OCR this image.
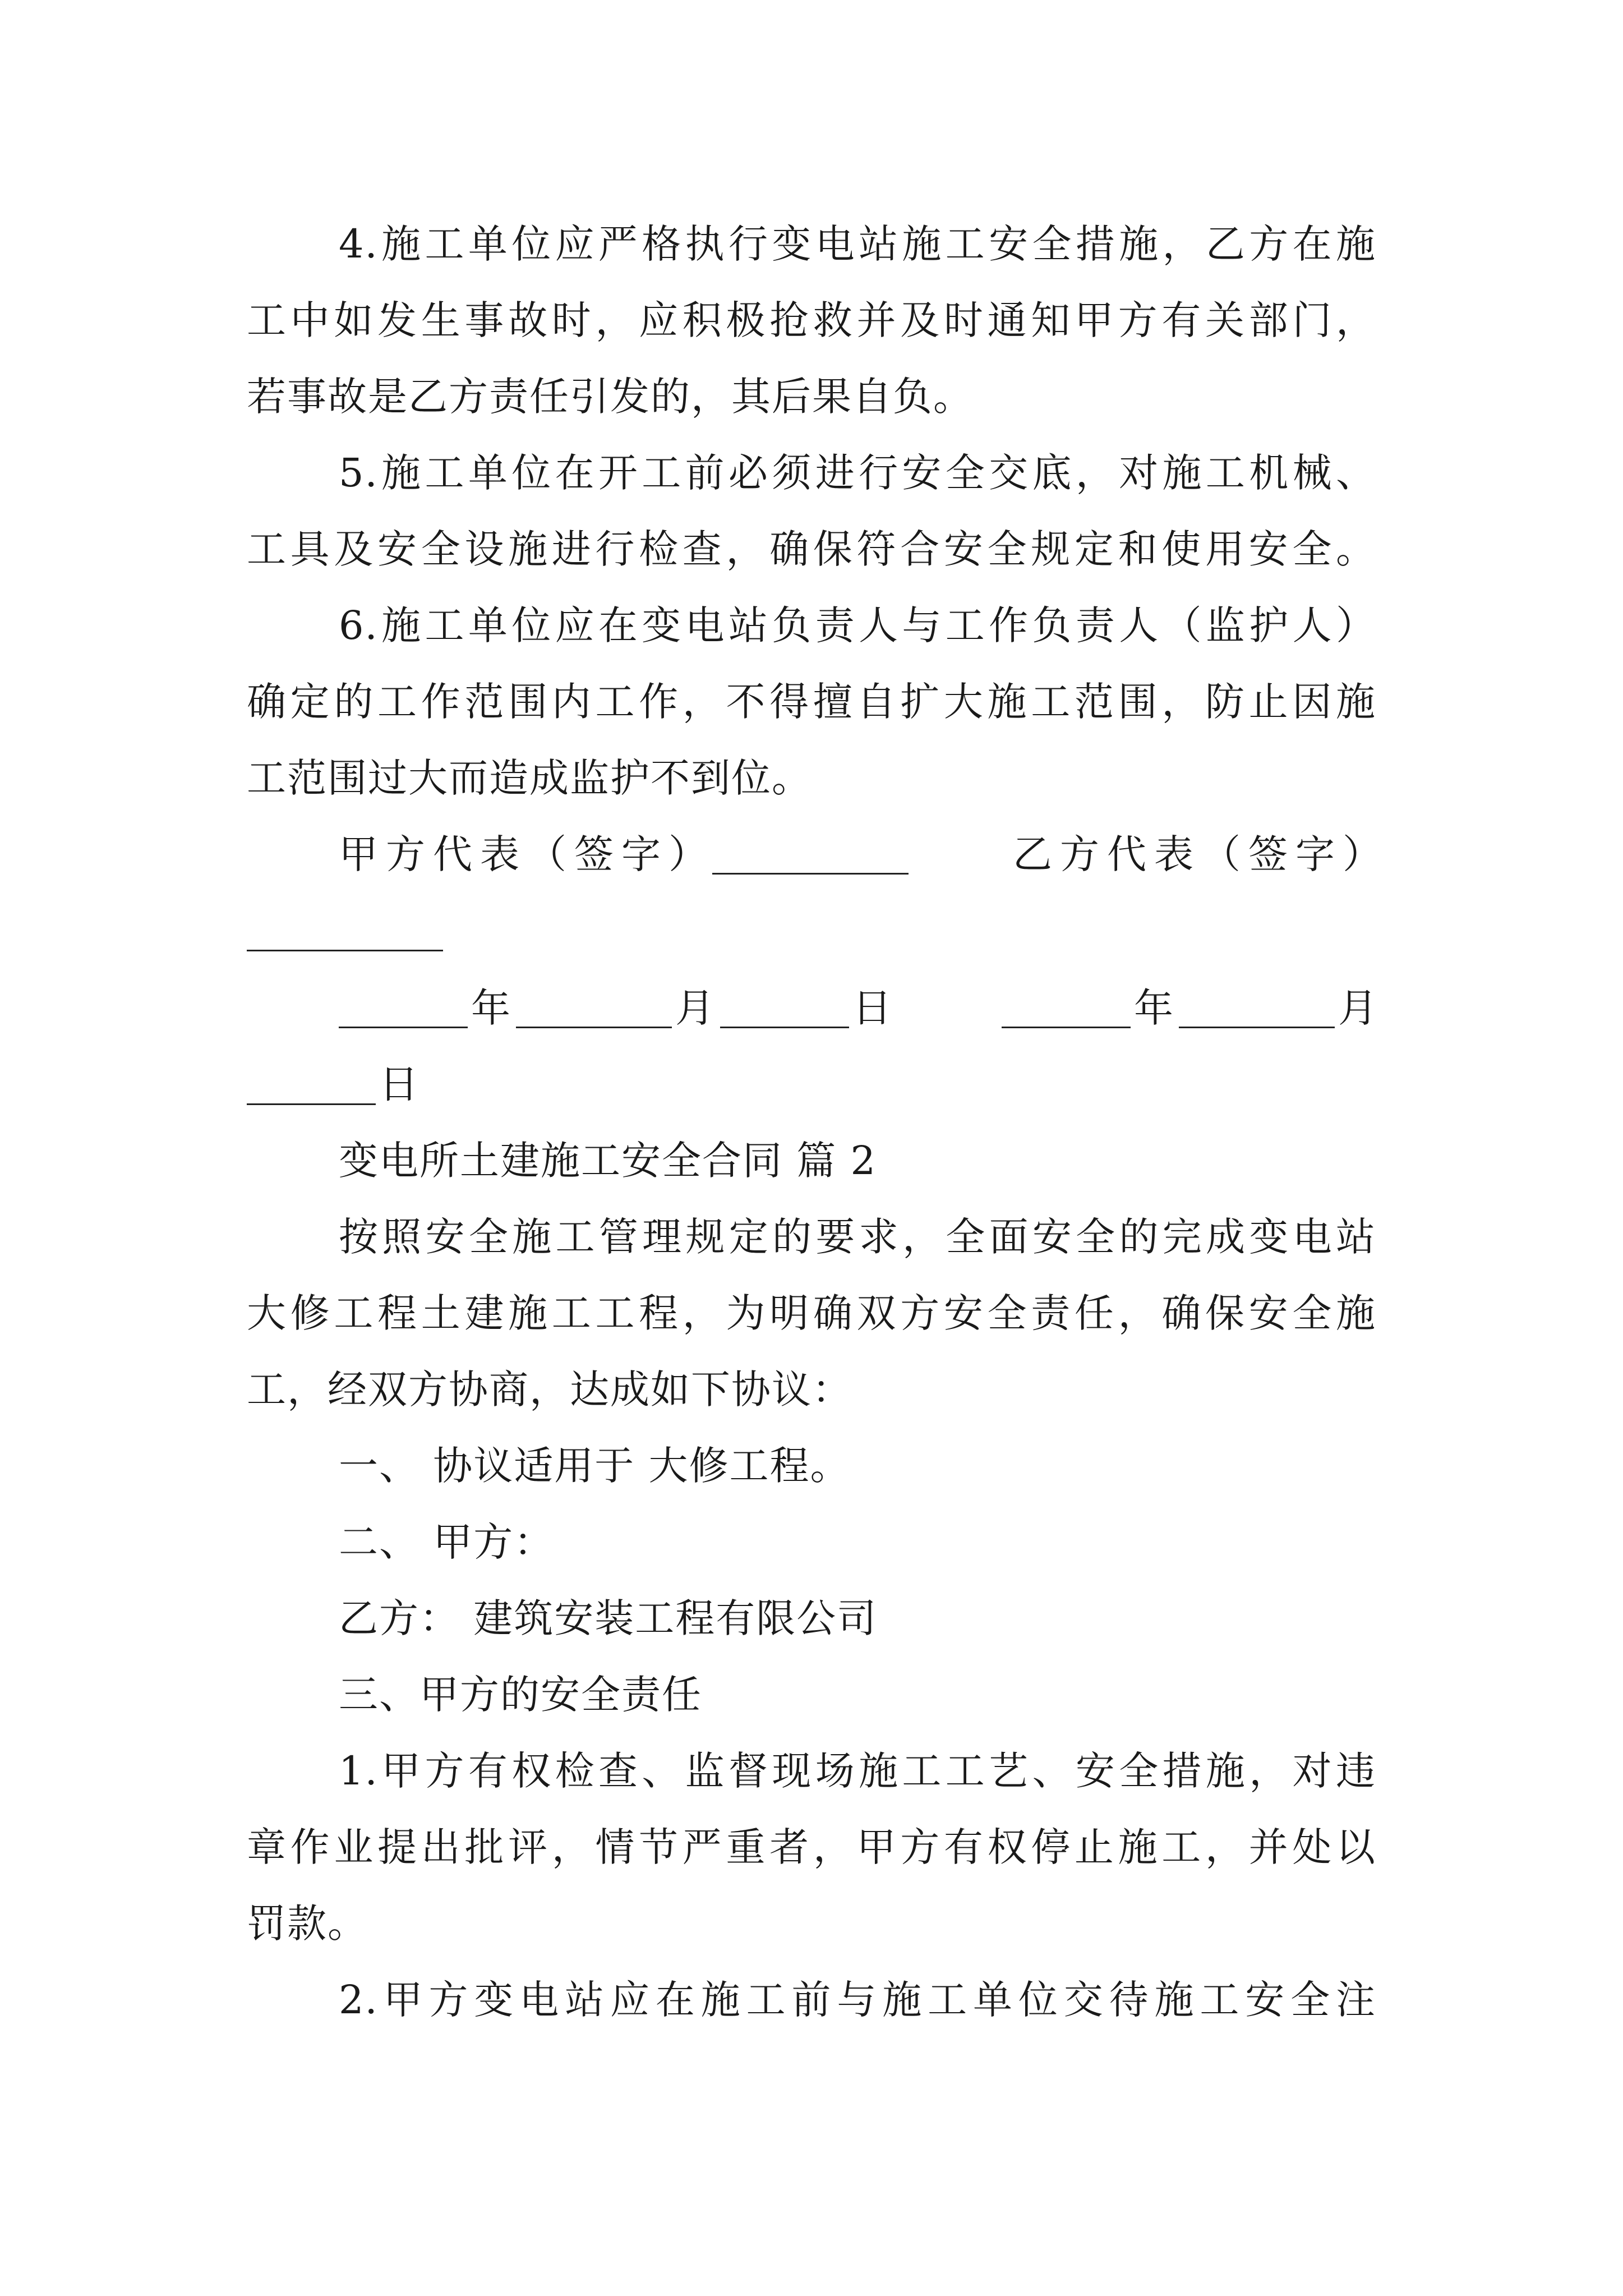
4.施工单位应严格执行变电站施工安全措施，乙方在施
工中如发生事故时，应积极抢救并及时通知甲方有关部门，
若事故是乙方责任引发的，其后果自负。
5.施工单位在开工前必须进行安全交底，对施工机械、
工具及安全设施进行检查，确保符合安全规定和使用安全。
6.施工单位应在变电站负责人与工作负责人（监护人）
确定的工作范围内工作，不得擅自扩大施工范围，防止因施
工范围过大而造成监护不到位。
甲方代表（签字）	乙方代表（签字）
年	月	日	年	月
日
变电所土建施工安全合同 篇 2
按照安全施工管理规定的要求，全面安全的完成变电站
大修工程土建施工工程，为明确双方安全责任，确保安全施
工，经双方协商，达成如下协议：
一、 协议适用于 大修工程。
二、 甲方：
乙方： 建筑安装工程有限公司
三、甲方的安全责任
1.甲方有权检查、监督现场施工工艺、安全措施，对违
章作业提出批评，情节严重者，甲方有权停止施工，并处以
罚款。
2.甲方变电站应在施工前与施工单位交待施工安全注
